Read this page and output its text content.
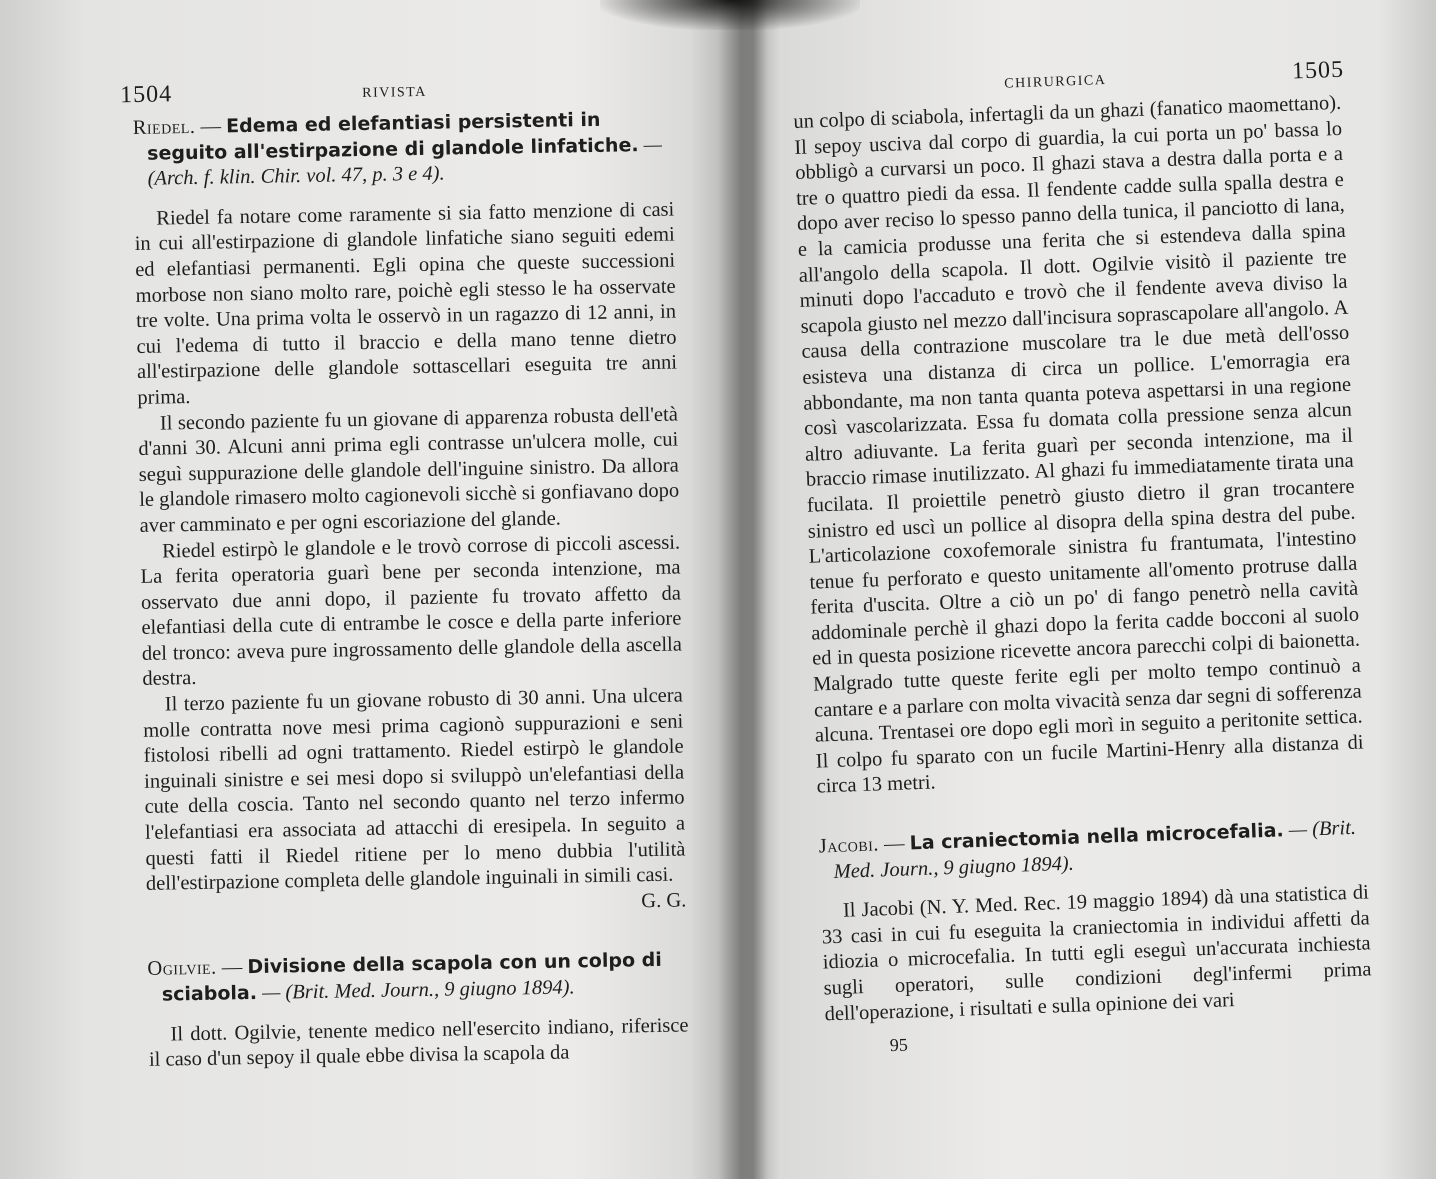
1504	RIVISTA

Riedel. — Edema ed elefantiasi persistenti in seguito all'estirpazione di glandole linfatiche. — (Arch. f. klin. Chir. vol. 47, p. 3 e 4).

Riedel fa notare come raramente si sia fatto menzione di casi in cui all'estirpazione di glandole linfatiche siano seguiti edemi ed elefantiasi permanenti. Egli opina che queste successioni morbose non siano molto rare, poichè egli stesso le ha osservate tre volte. Una prima volta le osservò in un ragazzo di 12 anni, in cui l'edema di tutto il braccio e della mano tenne dietro all'estirpazione delle glandole sottascellari eseguita tre anni prima.

Il secondo paziente fu un giovane di apparenza robusta dell'età d'anni 30. Alcuni anni prima egli contrasse un'ulcera molle, cui seguì suppurazione delle glandole dell'inguine sinistro. Da allora le glandole rimasero molto cagionevoli sicchè si gonfiavano dopo aver camminato e per ogni escoriazione del glande.

Riedel estirpò le glandole e le trovò corrose di piccoli ascessi. La ferita operatoria guarì bene per seconda intenzione, ma osservato due anni dopo, il paziente fu trovato affetto da elefantiasi della cute di entrambe le cosce e della parte inferiore del tronco: aveva pure ingrossamento delle glandole della ascella destra.

Il terzo paziente fu un giovane robusto di 30 anni. Una ulcera molle contratta nove mesi prima cagionò suppurazioni e seni fistolosi ribelli ad ogni trattamento. Riedel estirpò le glandole inguinali sinistre e sei mesi dopo si sviluppò un'elefantiasi della cute della coscia. Tanto nel secondo quanto nel terzo infermo l'elefantiasi era associata ad attacchi di eresipela. In seguito a questi fatti il Riedel ritiene per lo meno dubbia l'utilità dell'estirpazione completa delle glandole inguinali in simili casi.

G. G.

Ogilvie. — Divisione della scapola con un colpo di sciabola. — (Brit. Med. Journ., 9 giugno 1894).

Il dott. Ogilvie, tenente medico nell'esercito indiano, riferisce il caso d'un sepoy il quale ebbe divisa la scapola da

CHIRURGICA	1505

un colpo di sciabola, infertagli da un ghazi (fanatico maomettano). Il sepoy usciva dal corpo di guardia, la cui porta un po' bassa lo obbligò a curvarsi un poco. Il ghazi stava a destra dalla porta e a tre o quattro piedi da essa. Il fendente cadde sulla spalla destra e dopo aver reciso lo spesso panno della tunica, il panciotto di lana, e la camicia produsse una ferita che si estendeva dalla spina all'angolo della scapola. Il dott. Ogilvie visitò il paziente tre minuti dopo l'accaduto e trovò che il fendente aveva diviso la scapola giusto nel mezzo dall'incisura soprascapolare all'angolo. A causa della contrazione muscolare tra le due metà dell'osso esisteva una distanza di circa un pollice. L'emorragia era abbondante, ma non tanta quanta poteva aspettarsi in una regione così vascolarizzata. Essa fu domata colla pressione senza alcun altro adiuvante. La ferita guarì per seconda intenzione, ma il braccio rimase inutilizzato. Al ghazi fu immediatamente tirata una fucilata. Il proiettile penetrò giusto dietro il gran trocantere sinistro ed uscì un pollice al disopra della spina destra del pube. L'articolazione coxofemorale sinistra fu frantumata, l'intestino tenue fu perforato e questo unitamente all'omento protruse dalla ferita d'uscita. Oltre a ciò un po' di fango penetrò nella cavità addominale perchè il ghazi dopo la ferita cadde bocconi al suolo ed in questa posizione ricevette ancora parecchi colpi di baionetta. Malgrado tutte queste ferite egli per molto tempo continuò a cantare e a parlare con molta vivacità senza dar segni di sofferenza alcuna. Trentasei ore dopo egli morì in seguito a peritonite settica. Il colpo fu sparato con un fucile Martini-Henry alla distanza di circa 13 metri.

Jacobi. — La craniectomia nella microcefalia. — (Brit. Med. Journ., 9 giugno 1894).

Il Jacobi (N. Y. Med. Rec. 19 maggio 1894) dà una statistica di 33 casi in cui fu eseguita la craniectomia in individui affetti da idiozia o microcefalia. In tutti egli eseguì un'accurata inchiesta sugli operatori, sulle condizioni degl'infermi prima dell'operazione, i risultati e sulla opinione dei vari

95
